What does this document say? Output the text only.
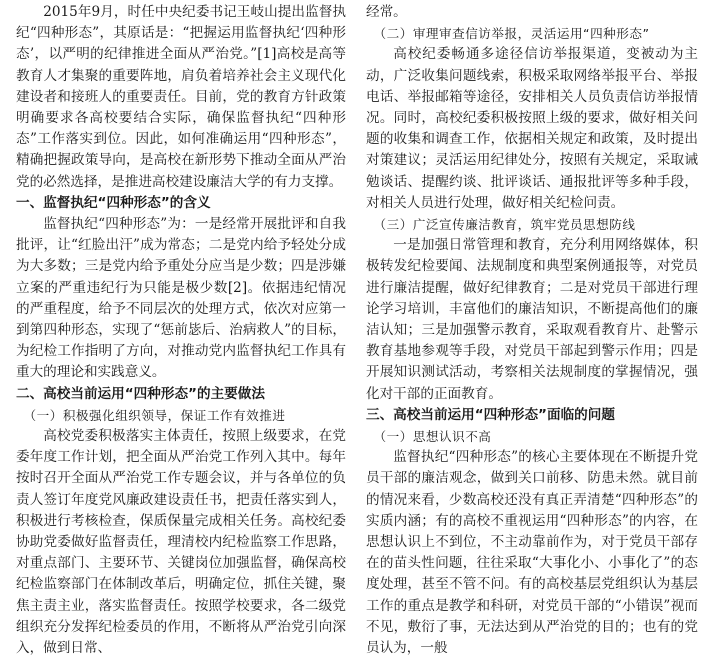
2015年9月，时任中央纪委书记王岐山提出监督执纪“四种形态”，其原话是：“把握运用监督执纪‘四种形态’，以严明的纪律推进全面从严治党。”[1]高校是高等教育人才集聚的重要阵地，肩负着培养社会主义现代化建设者和接班人的重要责任。目前，党的教育方针政策明确要求各高校要结合实际，确保监督执纪“四种形态”工作落实到位。因此，如何准确运用“四种形态”，精确把握政策导向，是高校在新形势下推动全面从严治党的必然选择，是推进高校建设廉洁大学的有力支撑。

一、监督执纪“四种形态”的含义

监督执纪“四种形态”为：一是经常开展批评和自我批评，让“红脸出汗”成为常态；二是党内给予轻处分成为大多数；三是党内给予重处分应当是少数；四是涉嫌立案的严重违纪行为只能是极少数[2]。依据违纪情况的严重程度，给予不同层次的处理方式，依次对应第一到第四种形态，实现了“惩前毖后、治病救人”的目标，为纪检工作指明了方向，对推动党内监督执纪工作具有重大的理论和实践意义。

二、高校当前运用“四种形态”的主要做法
（一）积极强化组织领导，保证工作有效推进

高校党委积极落实主体责任，按照上级要求，在党委年度工作计划，把全面从严治党工作列入其中。每年按时召开全面从严治党工作专题会议，并与各单位的负责人签订年度党风廉政建设责任书，把责任落实到人，积极进行考核检查，保质保量完成相关任务。高校纪委协助党委做好监督责任，理清校内纪检监察工作思路，对重点部门、主要环节、关键岗位加强监督，确保高校纪检监察部门在体制改革后，明确定位，抓住关键，聚焦主责主业，落实监督责任。按照学校要求，各二级党组织充分发挥纪检委员的作用，不断将从严治党引向深入，做到日常、

经常。

（二）审理审查信访举报，灵活运用“四种形态”

高校纪委畅通多途径信访举报渠道，变被动为主动，广泛收集问题线索，积极采取网络举报平台、举报电话、举报邮箱等途径，安排相关人员负责信访举报情况。同时，高校纪委积极按照上级的要求，做好相关问题的收集和调查工作，依据相关规定和政策，及时提出对策建议；灵活运用纪律处分，按照有关规定，采取诫勉谈话、提醒约谈、批评谈话、通报批评等多种手段，对相关人员进行处理，做好相关纪检问责。

（三）广泛宣传廉洁教育，筑牢党员思想防线

一是加强日常管理和教育，充分利用网络媒体，积极转发纪检要闻、法规制度和典型案例通报等，对党员进行廉洁提醒，做好纪律教育；二是对党员干部进行理论学习培训，丰富他们的廉洁知识，不断提高他们的廉洁认知；三是加强警示教育，采取观看教育片、赴警示教育基地参观等手段，对党员干部起到警示作用；四是开展知识测试活动，考察相关法规制度的掌握情况，强化对干部的正面教育。

三、高校当前运用“四种形态”面临的问题
（一）思想认识不高

监督执纪“四种形态”的核心主要体现在不断提升党员干部的廉洁观念，做到关口前移、防患未然。就目前的情况来看，少数高校还没有真正弄清楚“四种形态”的实质内涵；有的高校不重视运用“四种形态”的内容，在思想认识上不到位，不主动靠前作为，对于党员干部存在的苗头性问题，往往采取“大事化小、小事化了”的态度处理，甚至不管不问。有的高校基层党组织认为基层工作的重点是教学和科研，对党员干部的“小错误”视而不见，敷衍了事，无法达到从严治党的目的；也有的党员认为，一般
